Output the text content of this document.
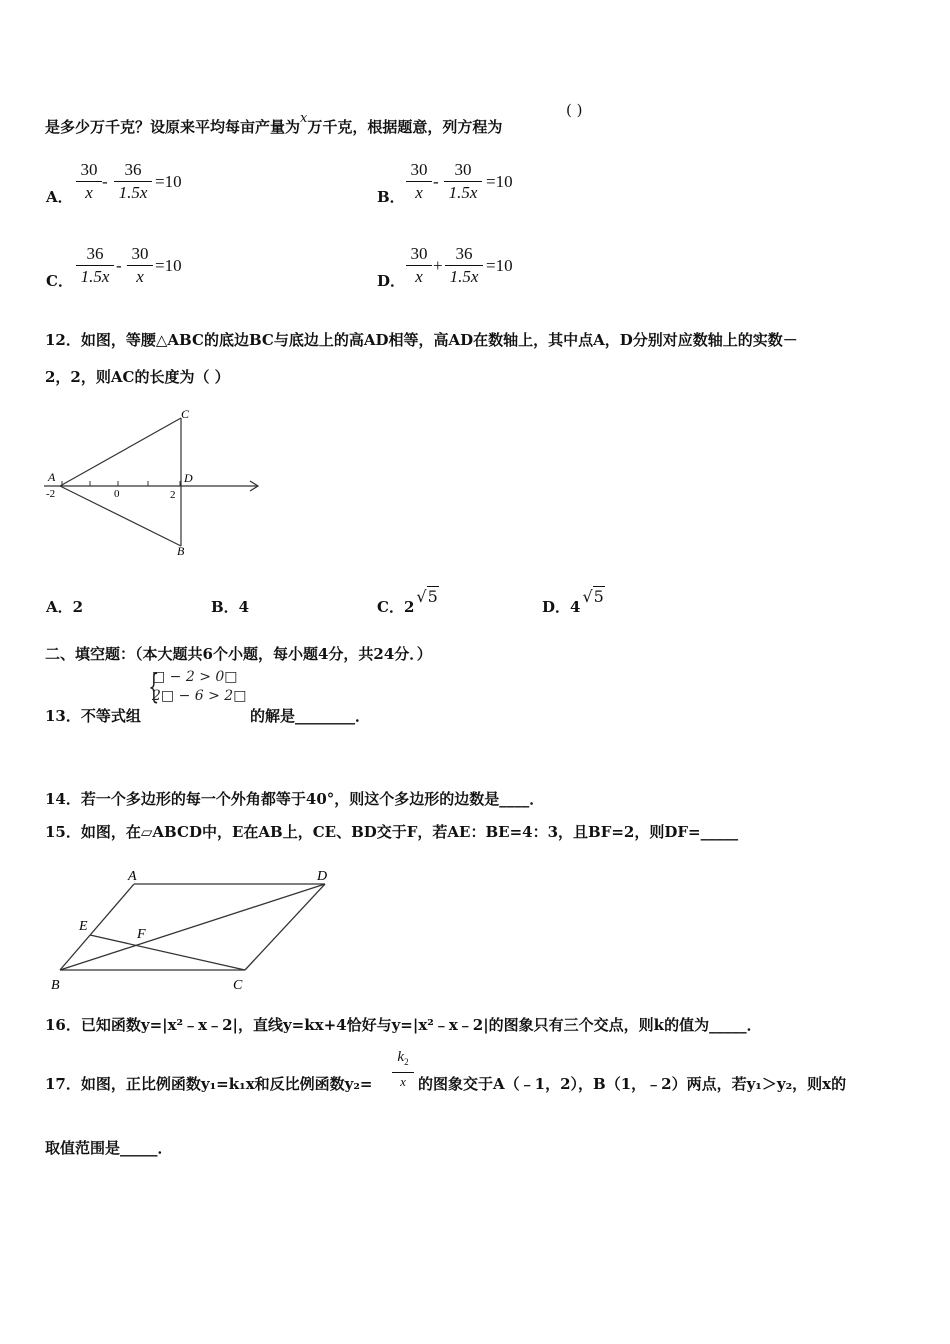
是多少万千克？设原来平均每亩产量为x万千克，根据题意，列方程为
( )
A． $\frac{30}{x} - \frac{36}{1.5x} =10$
B． $\frac{30}{x} - \frac{30}{1.5x} =10$
C． $\frac{36}{1.5x} - \frac{30}{x} =10$
D． $\frac{30}{x} + \frac{36}{1.5x} =10$
12．如图，等腰△ABC的底边BC与底边上的高AD相等，高AD在数轴上，其中点A，D分别对应数轴上的实数－
2，2，则AC的长度为（ ）
A
C
D
B
-2	0	2
A．2	B．4	C．2√5
D．4√5
二、填空题：（本大题共6个小题，每小题4分，共24分．）
13．不等式组
{
□ − 2 > 0□
2□ − 6 > 2□
的解是________．
14．若一个多边形的每一个外角都等于40°，则这个多边形的边数是____．
15．如图，在▱ABCD中，E在AB上，CE、BD交于F，若AE：BE=4：3，且BF=2，则DF=_____
A	D
E
F
B	C
16．已知函数y=|x²﹣x﹣2|，直线y=kx+4恰好与y=|x²﹣x﹣2|的图象只有三个交点，则k的值为_____．
17．如图，正比例函数y₁=k₁x和反比例函数y₂=
$k_2$
x 的图象交于A（﹣1，2），B（1，﹣2）两点，若y₁＞y₂，则x的
取值范围是_____．
